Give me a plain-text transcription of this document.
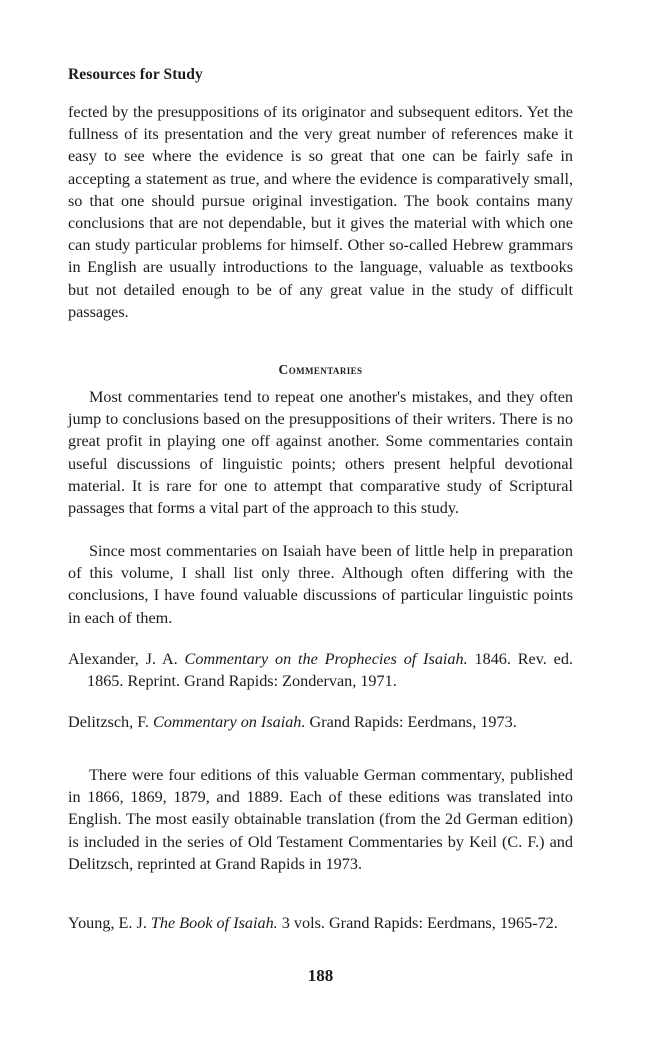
Resources for Study

fected by the presuppositions of its originator and subsequent editors. Yet the fullness of its presentation and the very great number of references make it easy to see where the evidence is so great that one can be fairly safe in accepting a statement as true, and where the evidence is comparatively small, so that one should pursue original investigation. The book contains many conclusions that are not dependable, but it gives the material with which one can study particular problems for himself. Other so-called Hebrew grammars in English are usually introductions to the language, valuable as textbooks but not detailed enough to be of any great value in the study of difficult passages.

Commentaries

Most commentaries tend to repeat one another's mistakes, and they often jump to conclusions based on the presuppositions of their writers. There is no great profit in playing one off against another. Some commentaries contain useful discussions of linguistic points; others present helpful devotional material. It is rare for one to attempt that comparative study of Scriptural passages that forms a vital part of the approach to this study.

Since most commentaries on Isaiah have been of little help in preparation of this volume, I shall list only three. Although often differing with the conclusions, I have found valuable discussions of particular linguistic points in each of them.

Alexander, J. A. Commentary on the Prophecies of Isaiah. 1846. Rev. ed. 1865. Reprint. Grand Rapids: Zondervan, 1971.

Delitzsch, F. Commentary on Isaiah. Grand Rapids: Eerdmans, 1973.

There were four editions of this valuable German commentary, published in 1866, 1869, 1879, and 1889. Each of these editions was translated into English. The most easily obtainable translation (from the 2d German edition) is included in the series of Old Testament Commentaries by Keil (C. F.) and Delitzsch, reprinted at Grand Rapids in 1973.

Young, E. J. The Book of Isaiah. 3 vols. Grand Rapids: Eerdmans, 1965-72.

188
